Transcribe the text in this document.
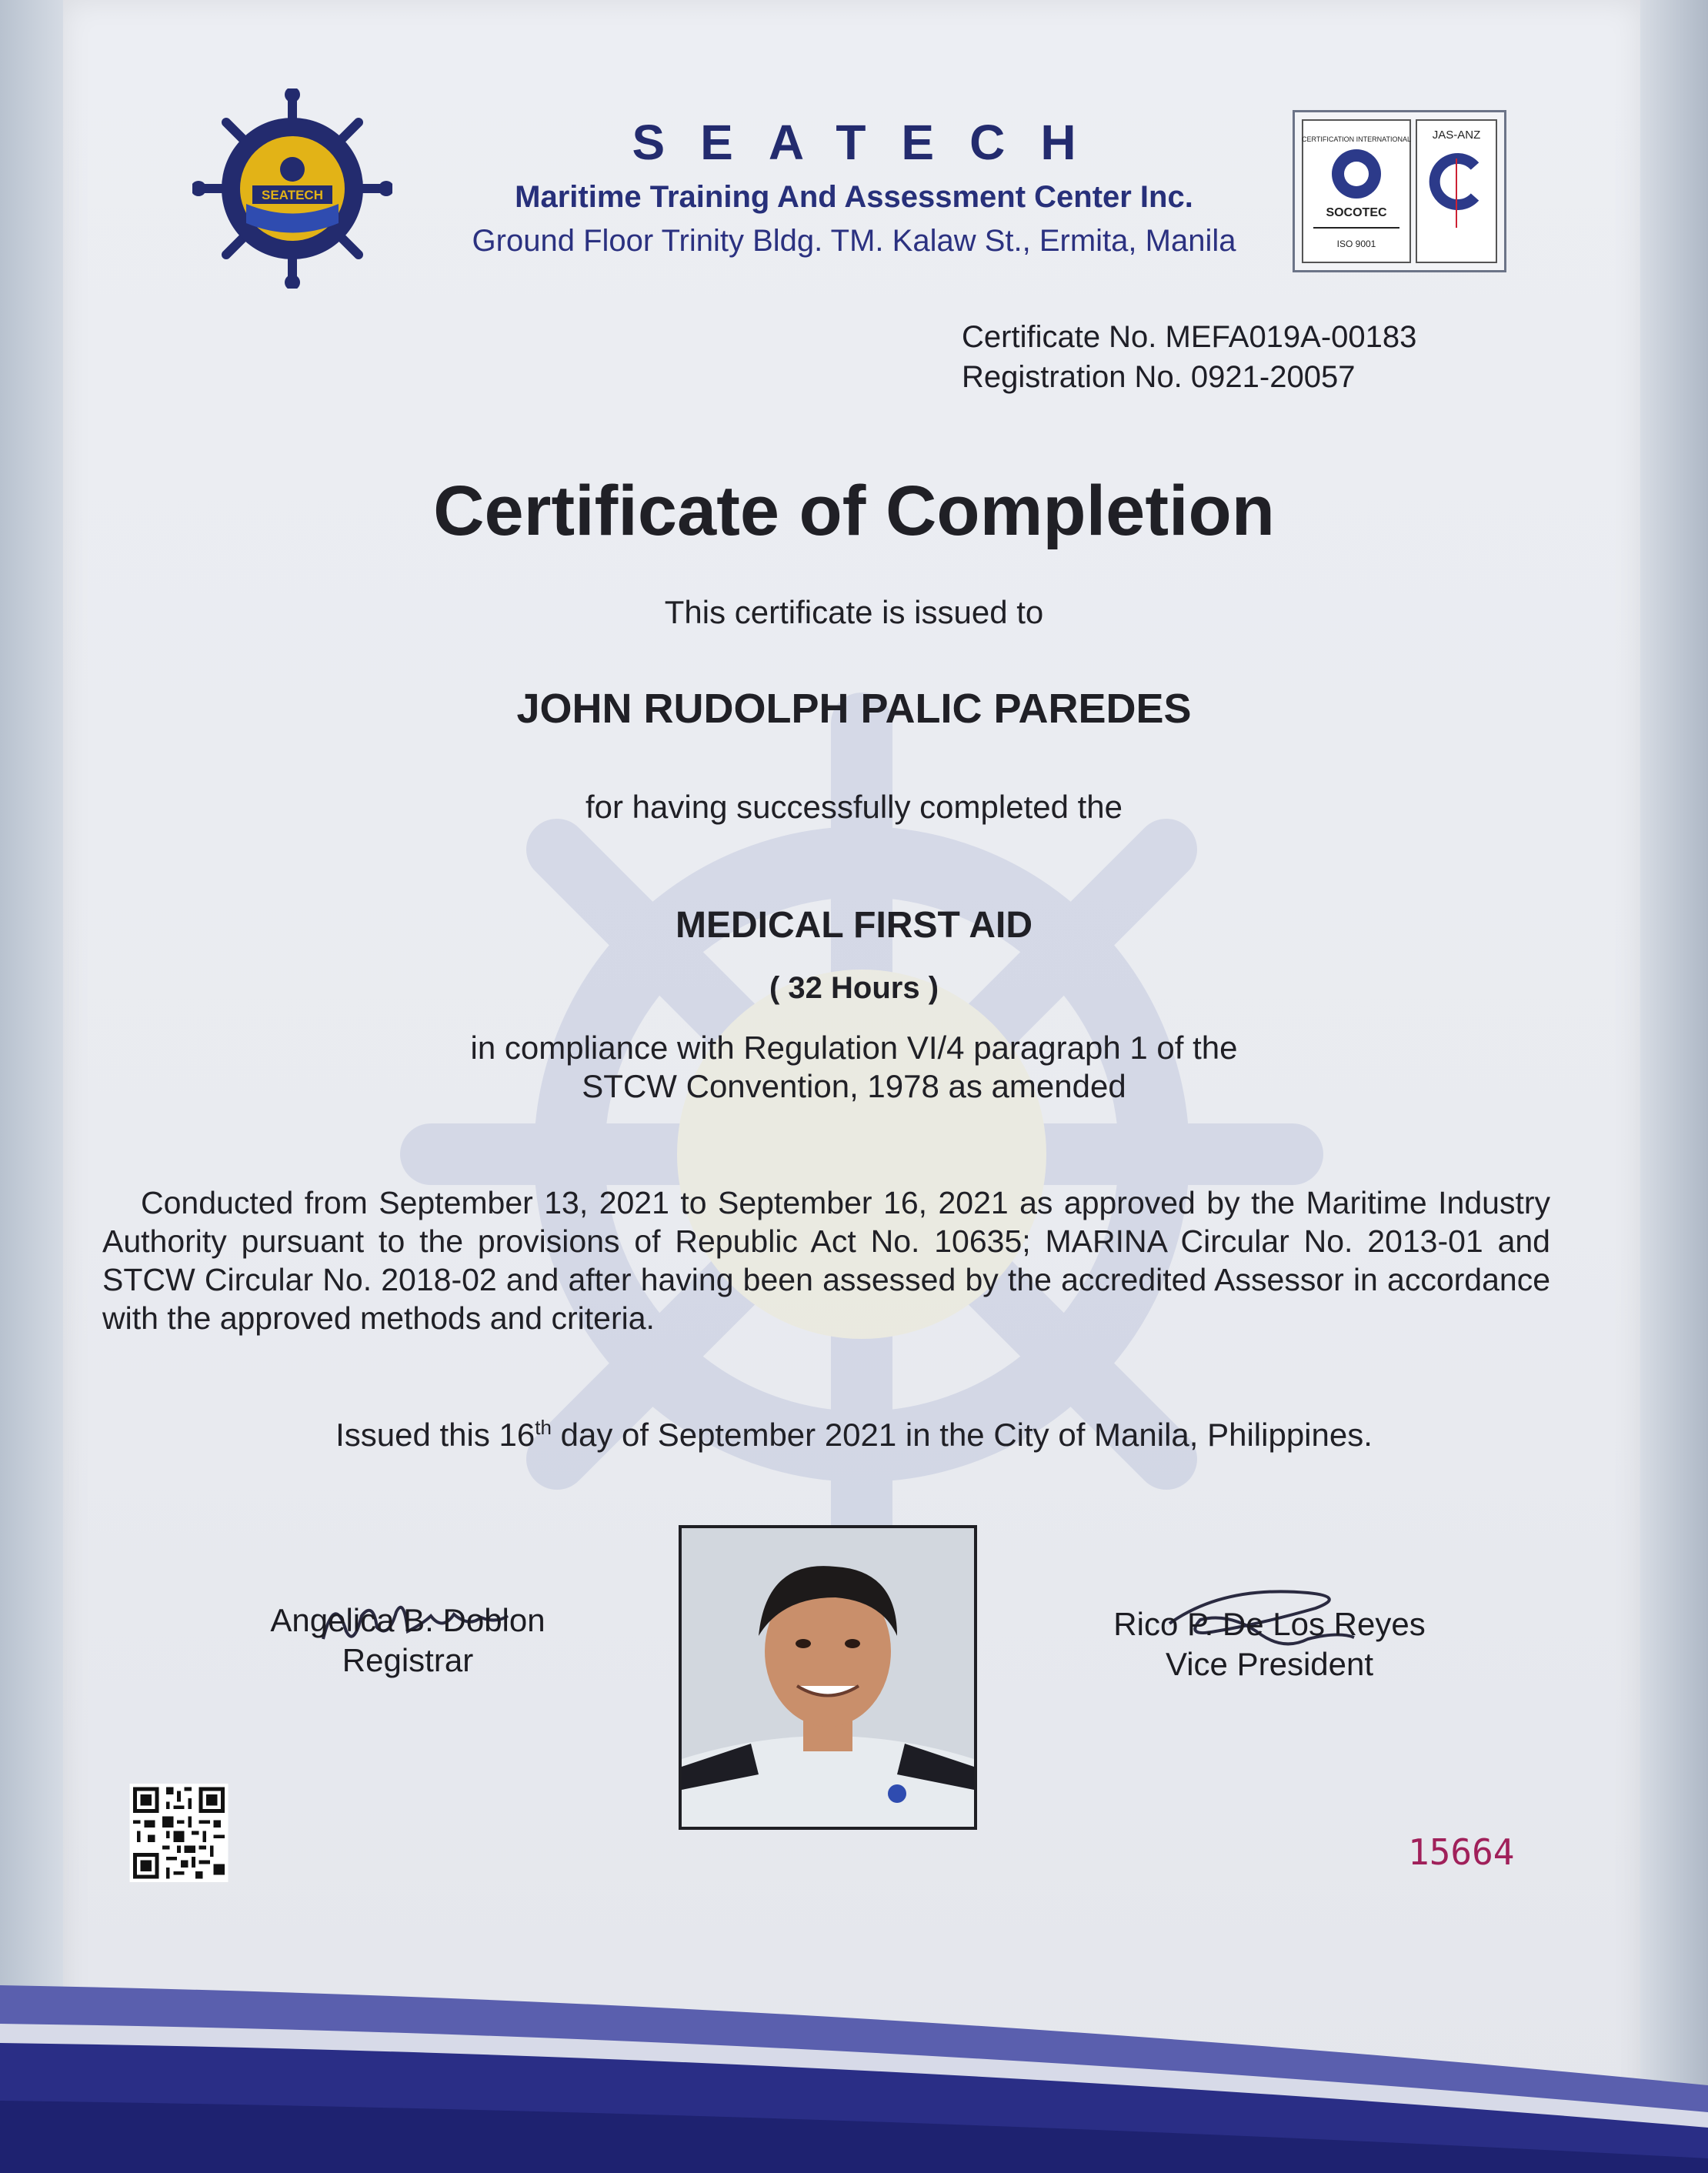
SEATECH
SEATECH
Maritime Training And Assessment Center Inc.
Ground Floor Trinity Bldg. TM. Kalaw St., Ermita, Manila
CERTIFICATION INTERNATIONAL
SOCOTEC
ISO 9001
JAS-ANZ
Certificate No. MEFA019A-00183
Registration No. 0921-20057
Certificate of Completion
This certificate is issued to
JOHN RUDOLPH PALIC PAREDES
for having successfully completed the
MEDICAL FIRST AID
( 32 Hours )
in compliance with Regulation VI/4 paragraph 1 of the
STCW Convention, 1978 as amended
Conducted from September 13, 2021 to September 16, 2021 as approved by the Maritime Industry Authority pursuant to the provisions of Republic Act No. 10635; MARINA Circular No. 2013-01 and STCW Circular No. 2018-02 and after having been assessed by the accredited Assessor in accordance with the approved methods and criteria.
Issued this 16th day of September 2021 in the City of Manila, Philippines.
Angelica B. Doblon
Registrar
Rico P. De Los Reyes
Vice President
15664
